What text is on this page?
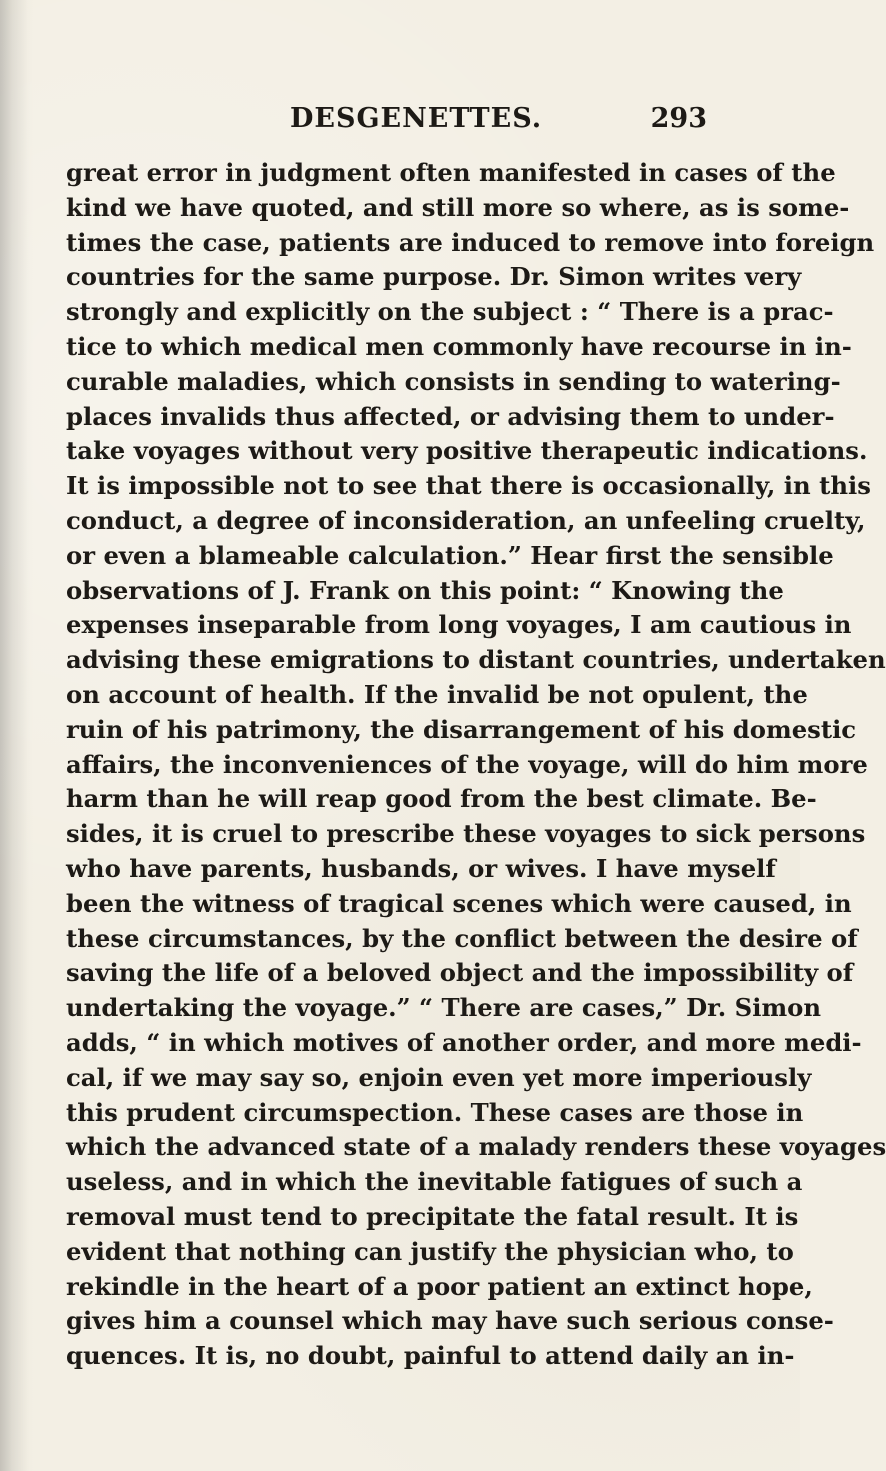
DESGENETTES.	293
great error in judgment often manifested in cases of the
kind we have quoted, and still more so where, as is some-
times the case, patients are induced to remove into foreign
countries for the same purpose. Dr. Simon writes very
strongly and explicitly on the subject : “ There is a prac-
tice to which medical men commonly have recourse in in-
curable maladies, which consists in sending to watering-
places invalids thus affected, or advising them to under-
take voyages without very positive therapeutic indications.
It is impossible not to see that there is occasionally, in this
conduct, a degree of inconsideration, an unfeeling cruelty,
or even a blameable calculation.” Hear first the sensible
observations of J. Frank on this point: “ Knowing the
expenses inseparable from long voyages, I am cautious in
advising these emigrations to distant countries, undertaken
on account of health. If the invalid be not opulent, the
ruin of his patrimony, the disarrangement of his domestic
affairs, the inconveniences of the voyage, will do him more
harm than he will reap good from the best climate. Be-
sides, it is cruel to prescribe these voyages to sick persons
who have parents, husbands, or wives. I have myself
been the witness of tragical scenes which were caused, in
these circumstances, by the conflict between the desire of
saving the life of a beloved object and the impossibility of
undertaking the voyage.” “ There are cases,” Dr. Simon
adds, “ in which motives of another order, and more medi-
cal, if we may say so, enjoin even yet more imperiously
this prudent circumspection. These cases are those in
which the advanced state of a malady renders these voyages
useless, and in which the inevitable fatigues of such a
removal must tend to precipitate the fatal result. It is
evident that nothing can justify the physician who, to
rekindle in the heart of a poor patient an extinct hope,
gives him a counsel which may have such serious conse-
quences. It is, no doubt, painful to attend daily an in-
